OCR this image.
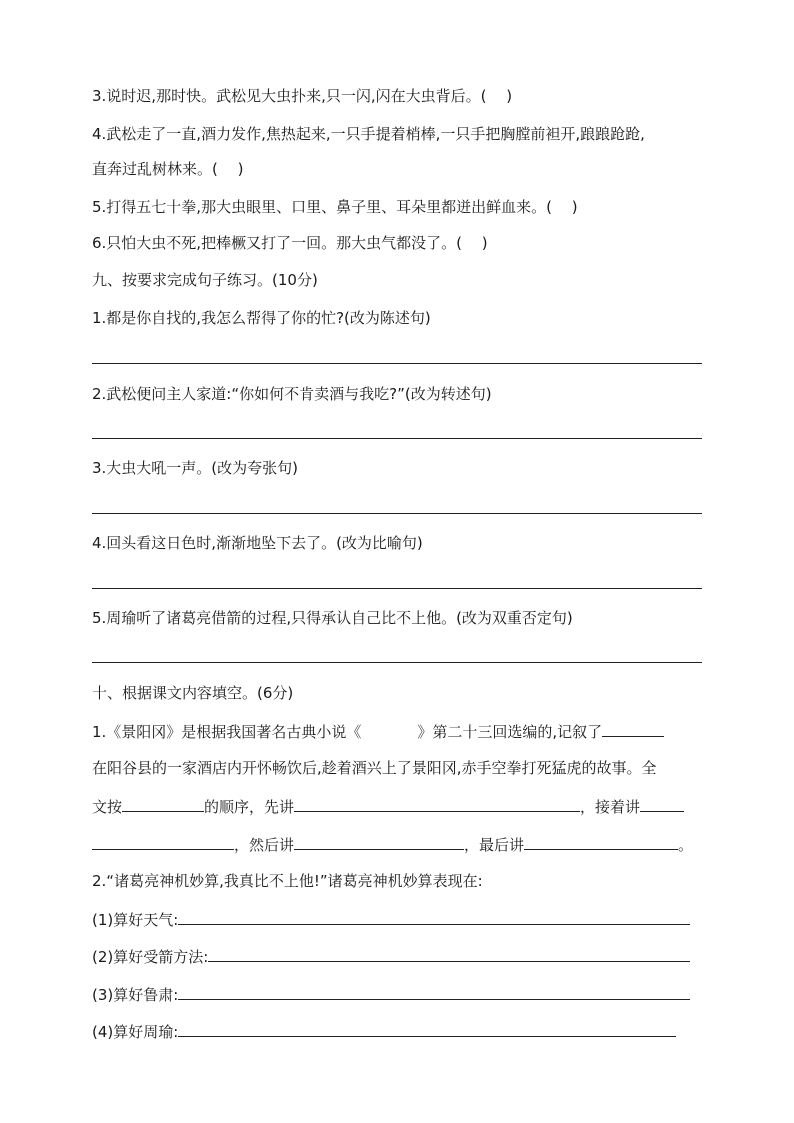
3.说时迟,那时快。武松见大虫扑来,只一闪,闪在大虫背后。(　 )
4.武松走了一直,酒力发作,焦热起来,一只手提着梢棒,一只手把胸膛前袒开,踉踉跄跄,
直奔过乱树林来。(　 )
5.打得五七十拳,那大虫眼里、口里、鼻子里、耳朵里都迸出鲜血来。(　 )
6.只怕大虫不死,把棒橛又打了一回。那大虫气都没了。(　 )
九、按要求完成句子练习。(10分)
1.都是你自找的,我怎么帮得了你的忙?(改为陈述句)
2.武松便问主人家道:“你如何不肯卖酒与我吃?”(改为转述句)
3.大虫大吼一声。(改为夸张句)
4.回头看这日色时,渐渐地坠下去了。(改为比喻句)
5.周瑜听了诸葛亮借箭的过程,只得承认自己比不上他。(改为双重否定句)
十、根据课文内容填空。(6分)
1.《景阳冈》是根据我国著名古典小说《	》第二十三回选编的,记叙了
在阳谷县的一家酒店内开怀畅饮后,趁着酒兴上了景阳冈,赤手空拳打死猛虎的故事。全
文按	的顺序，先讲	，接着讲
，然后讲	，最后讲	。
2.“诸葛亮神机妙算,我真比不上他!”诸葛亮神机妙算表现在:
(1)算好天气:
(2)算好受箭方法:
(3)算好鲁肃:
(4)算好周瑜:
